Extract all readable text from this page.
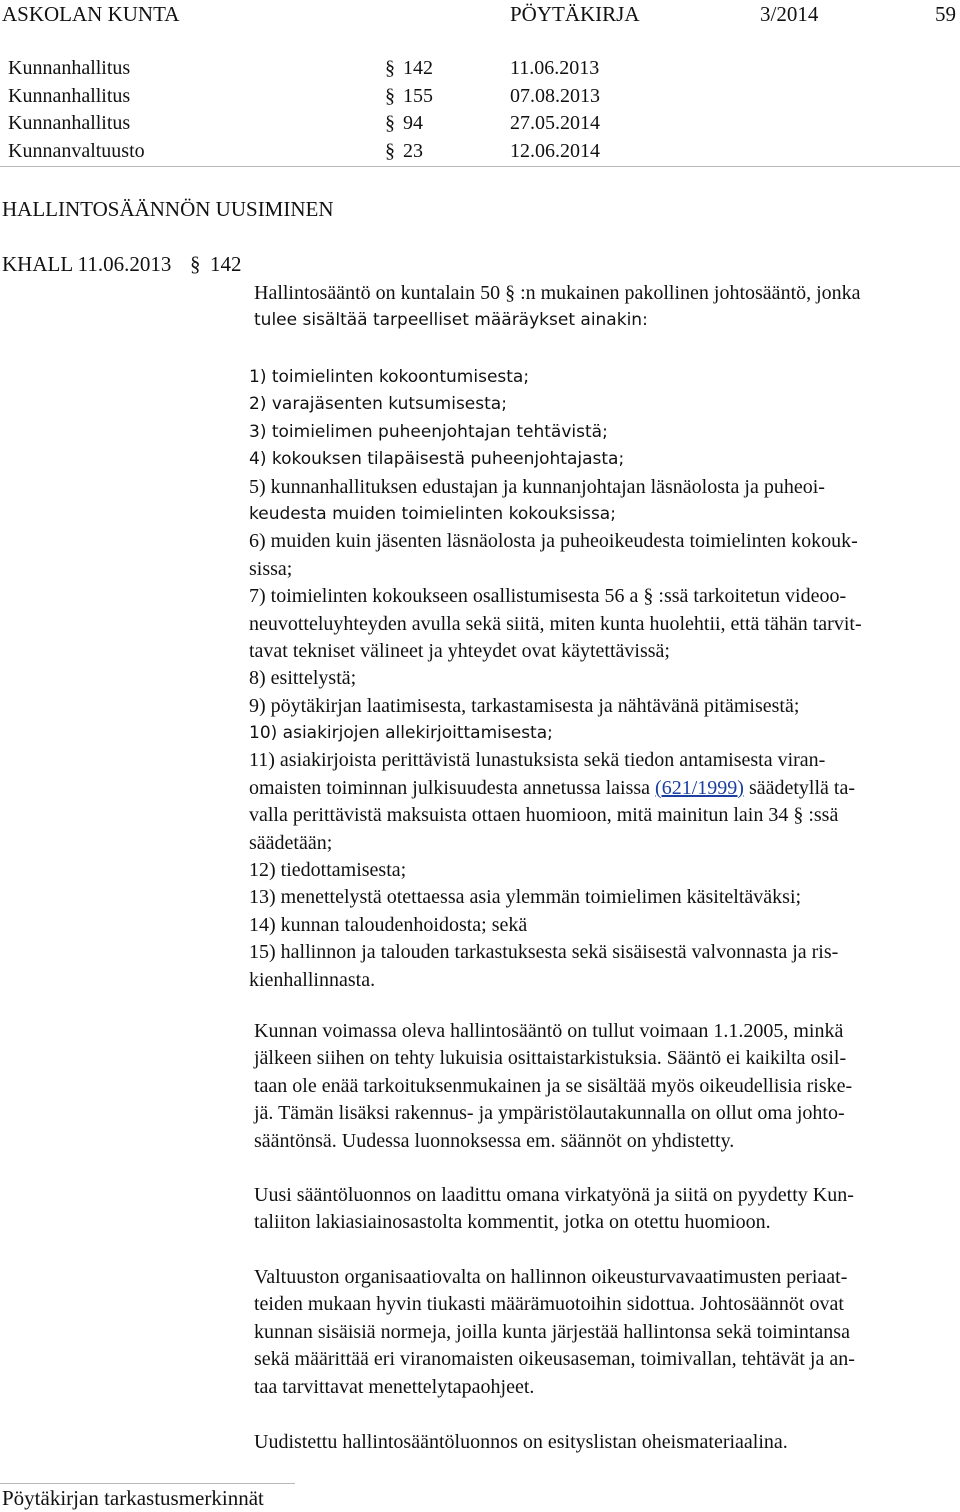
ASKOLAN KUNTA	PÖYTÄKIRJA	3/2014	59
Kunnanhallitus	§ 142	11.06.2013
Kunnanhallitus	§ 155	07.08.2013
Kunnanhallitus	§ 94	27.05.2014
Kunnanvaltuusto	§ 23	12.06.2014
HALLINTOSÄÄNNÖN UUSIMINEN
KHALL 11.06.2013 § 142
Hallintosääntö on kuntalain 50 § :n mukainen pakollinen johtosääntö, jonka
tulee sisältää tarpeelliset määräykset ainakin:
1) toimielinten kokoontumisesta;
2) varajäsenten kutsumisesta;
3) toimielimen puheenjohtajan tehtävistä;
4) kokouksen tilapäisestä puheenjohtajasta;
5) kunnanhallituksen edustajan ja kunnanjohtajan läsnäolosta ja puheoi-
keudesta muiden toimielinten kokouksissa;
6) muiden kuin jäsenten läsnäolosta ja puheoikeudesta toimielinten kokouk-
sissa;
7) toimielinten kokoukseen osallistumisesta 56 a § :ssä tarkoitetun videoo-
neuvotteluyhteyden avulla sekä siitä, miten kunta huolehtii, että tähän tarvit-
tavat tekniset välineet ja yhteydet ovat käytettävissä;
8) esittelystä;
9) pöytäkirjan laatimisesta, tarkastamisesta ja nähtävänä pitämisestä;
10) asiakirjojen allekirjoittamisesta;
11) asiakirjoista perittävistä lunastuksista sekä tiedon antamisesta viran-
omaisten toiminnan julkisuudesta annetussa laissa (621/1999) säädetyllä ta-
valla perittävistä maksuista ottaen huomioon, mitä mainitun lain 34 § :ssä
säädetään;
12) tiedottamisesta;
13) menettelystä otettaessa asia ylemmän toimielimen käsiteltäväksi;
14) kunnan taloudenhoidosta; sekä
15) hallinnon ja talouden tarkastuksesta sekä sisäisestä valvonnasta ja ris-
kienhallinnasta.
Kunnan voimassa oleva hallintosääntö on tullut voimaan 1.1.2005, minkä
jälkeen siihen on tehty lukuisia osittaistarkistuksia. Sääntö ei kaikilta osil-
taan ole enää tarkoituksenmukainen ja se sisältää myös oikeudellisia riske-
jä. Tämän lisäksi rakennus- ja ympäristölautakunnalla on ollut oma johto-
sääntönsä. Uudessa luonnoksessa em. säännöt on yhdistetty.
Uusi sääntöluonnos on laadittu omana virkatyönä ja siitä on pyydetty Kun-
taliiton lakiasiainosastolta kommentit, jotka on otettu huomioon.
Valtuuston organisaatiovalta on hallinnon oikeusturvavaatimusten periaat-
teiden mukaan hyvin tiukasti määrämuotoihin sidottua. Johtosäännöt ovat
kunnan sisäisiä normeja, joilla kunta järjestää hallintonsa sekä toimintansa
sekä määrittää eri viranomaisten oikeusaseman, toimivallan, tehtävät ja an-
taa tarvittavat menettelytapaohjeet.
Uudistettu hallintosääntöluonnos on esityslistan oheismateriaalina.
Pöytäkirjan tarkastusmerkinnät
